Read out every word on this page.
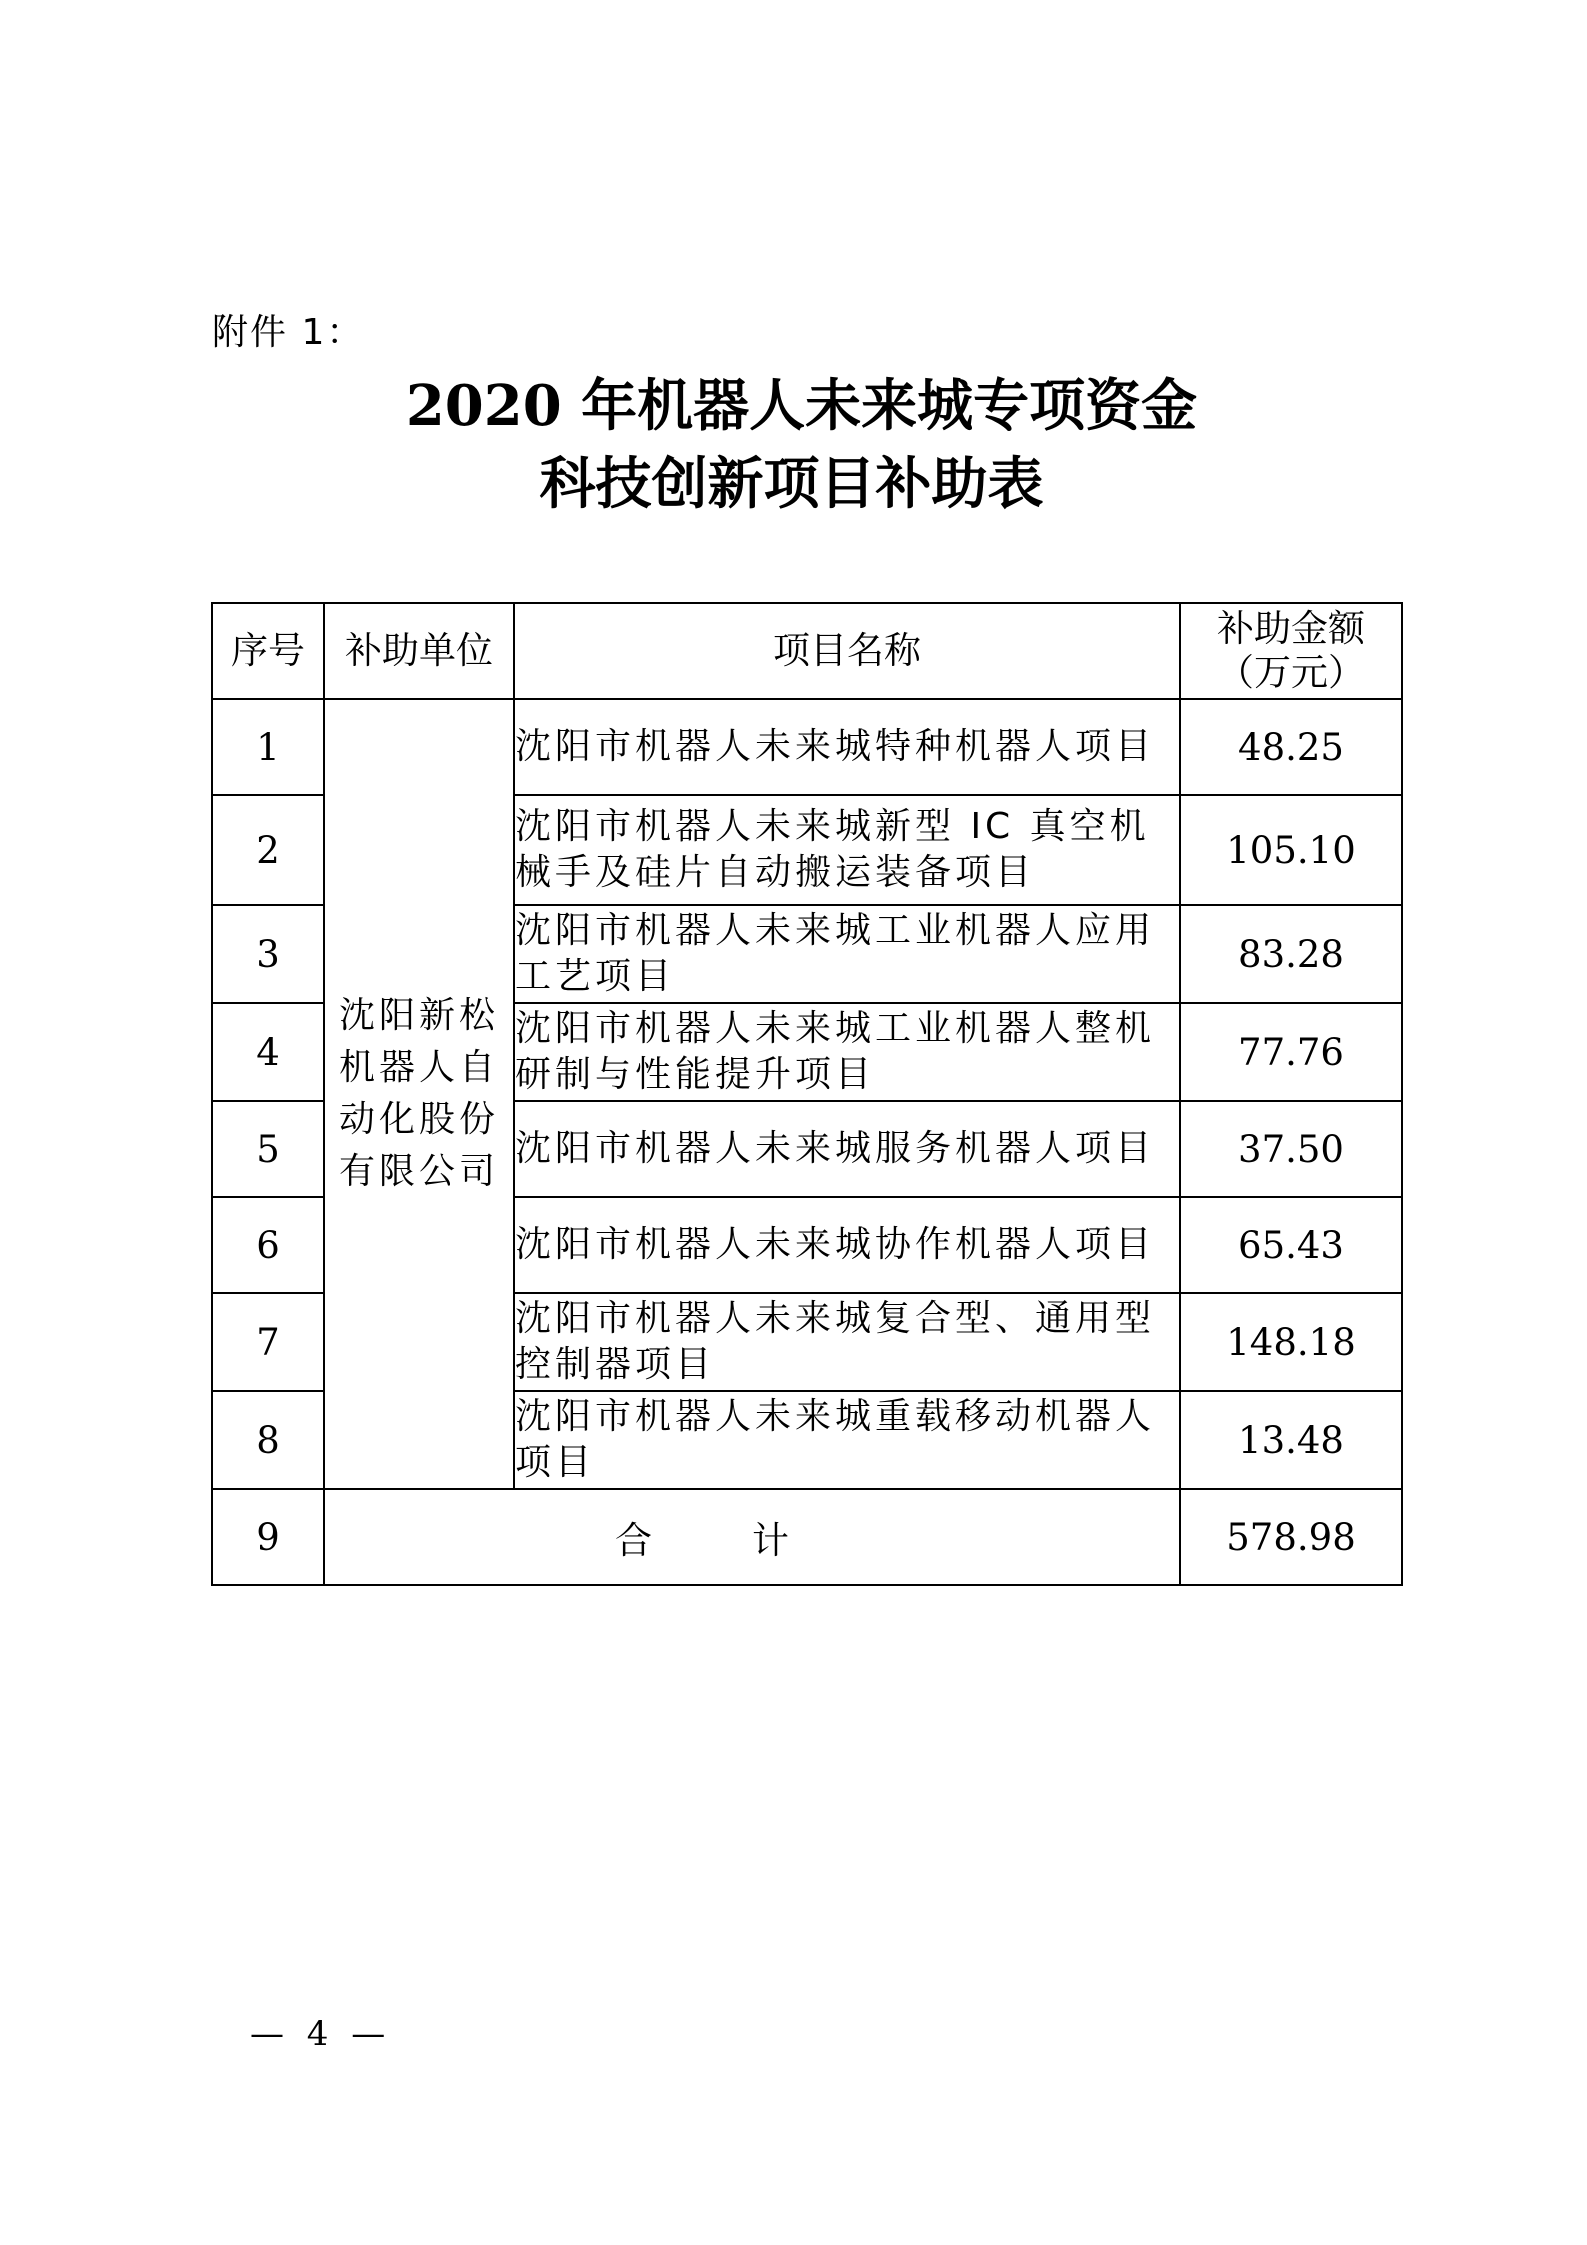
附件 1：
2020 年机器人未来城专项资金
科技创新项目补助表
序号	补助单位	项目名称	补助金额
（万元）

1	沈阳新松机器人自动化股份有限公司	沈阳市机器人未来城特种机器人项目	48.25
2		沈阳市机器人未来城新型 IC 真空机械手及硅片自动搬运装备项目	105.10
3		沈阳市机器人未来城工业机器人应用工艺项目	83.28
4		沈阳市机器人未来城工业机器人整机研制与性能提升项目	77.76
5		沈阳市机器人未来城服务机器人项目	37.50
6		沈阳市机器人未来城协作机器人项目	65.43
7		沈阳市机器人未来城复合型、通用型控制器项目	148.18
8		沈阳市机器人未来城重载移动机器人项目	13.48
9	合计		578.98
— 4 —
